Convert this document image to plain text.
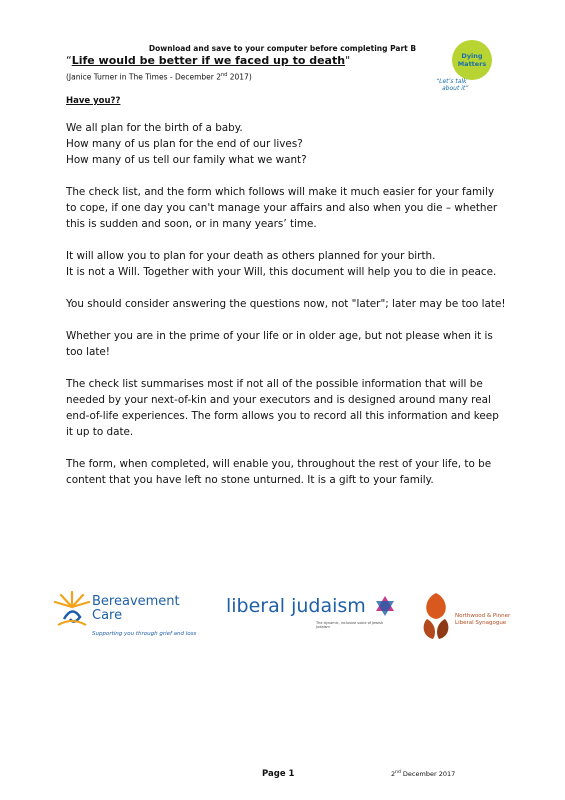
Download and save to your computer before completing Part B
“Life would be better if we faced up to death"
(Janice Turner in The Times - December 2nd 2017)
Dying
Matters
“Let’s talk
about it”
Have you??

We all plan for the birth of a baby.
How many of us plan for the end of our lives?
How many of us tell our family what we want?

The check list, and the form which follows will make it much easier for your family to cope, if one day you can't manage your affairs and also when you die – whether this is sudden and soon, or in many years’ time.

It will allow you to plan for your death as others planned for your birth.
It is not a Will. Together with your Will, this document will help you to die in peace.

You should consider answering the questions now, not "later"; later may be too late!

Whether you are in the prime of your life or in older age, but not please when it is too late!

The check list summarises most if not all of the possible information that will be needed by your next-of-kin and your executors and is designed around many real end-of-life experiences. The form allows you to record all this information and keep it up to date.

The form, when completed, will enable you, throughout the rest of your life, to be content that you have left no stone unturned. It is a gift to your family.

Bereavement
Care
Supporting you through grief and loss
liberal judaism
The dynamic, inclusive voice of Jewish Judaism
Northwood & Pinner
Liberal Synagogue
Page 1	2nd December 2017
